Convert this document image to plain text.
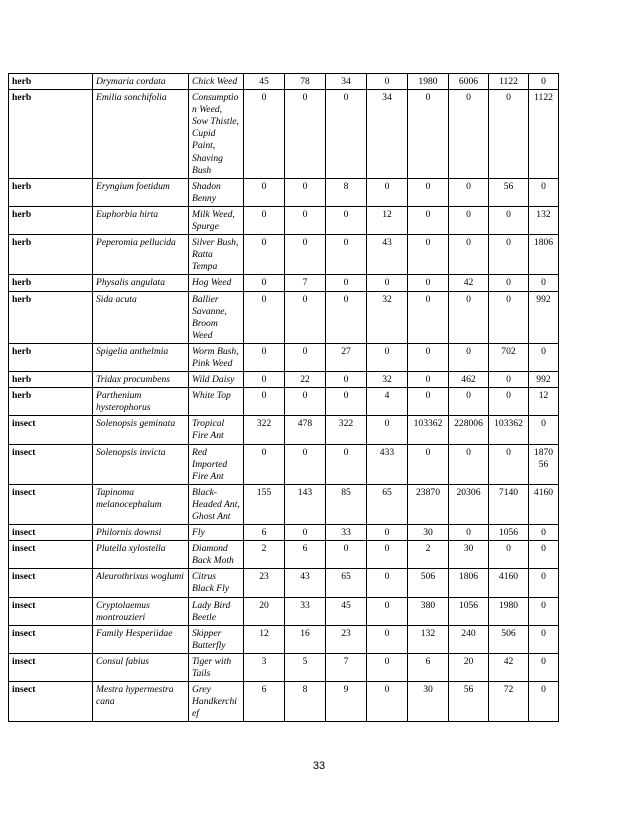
herb	Drymaria cordata	Chick Weed	45	78	34	0	1980	6006	1122	0
herb	Emilia sonchifolia	Consumption Weed, Sow Thistle, Cupid Paint, Shaving Bush	0	0	0	34	0	0	0	1122
herb	Eryngium foetidum	Shadon Benny	0	0	8	0	0	0	56	0
herb	Euphorbia hirta	Milk Weed, Spurge	0	0	0	12	0	0	0	132
herb	Peperomia pellucida	Silver Bush, Ratta Tempa	0	0	0	43	0	0	0	1806
herb	Physalis angulata	Hog Weed	0	7	0	0	0	42	0	0
herb	Sida acuta	Ballier Savanne, Broom Weed	0	0	0	32	0	0	0	992
herb	Spigelia anthelmia	Worm Bush, Pink Weed	0	0	27	0	0	0	702	0
herb	Tridax procumbens	Wild Daisy	0	22	0	32	0	462	0	992
herb	Parthenium hysterophorus	White Top	0	0	0	4	0	0	0	12
insect	Solenopsis geminata	Tropical Fire Ant	322	478	322	0	103362	228006	103362	0
insect	Solenopsis invicta	Red Imported Fire Ant	0	0	0	433	0	0	0	187056
insect	Tapinoma melanocephalum	Black-Headed Ant, Ghost Ant	155	143	85	65	23870	20306	7140	4160
insect	Philornis downsi	Fly	6	0	33	0	30	0	1056	0
insect	Plutella xylostella	Diamond Back Moth	2	6	0	0	2	30	0	0
insect	Aleurothrixus woglumi	Citrus Black Fly	23	43	65	0	506	1806	4160	0
insect	Cryptolaemus montrouzieri	Lady Bird Beetle	20	33	45	0	380	1056	1980	0
insect	Family Hesperiidae	Skipper Butterfly	12	16	23	0	132	240	506	0
insect	Consul fabius	Tiger with Tails	3	5	7	0	6	20	42	0
insect	Mestra hypermestra cana	Grey Handkerchief	6	8	9	0	30	56	72	0
33
